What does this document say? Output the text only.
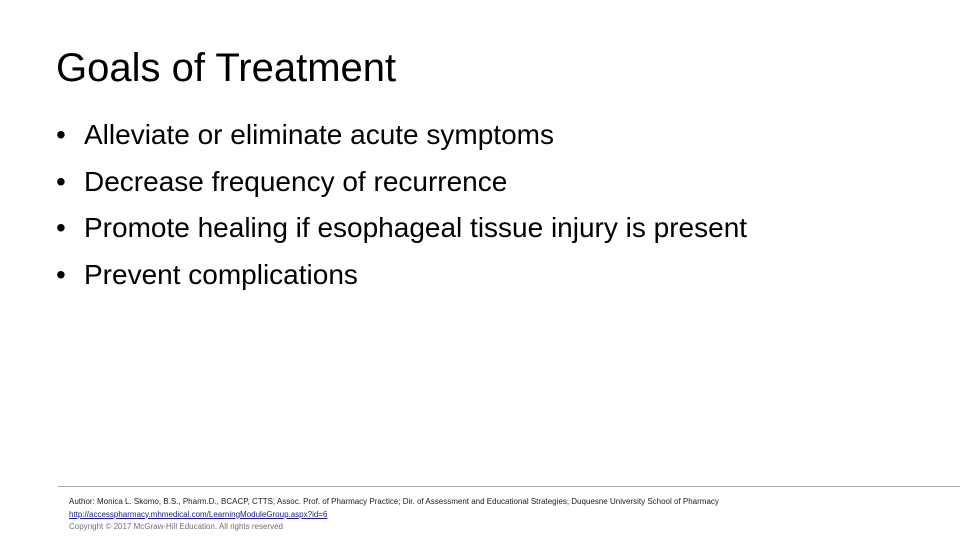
Goals of Treatment
• Alleviate or eliminate acute symptoms
• Decrease frequency of recurrence
• Promote healing if esophageal tissue injury is present
• Prevent complications
Author: Monica L. Skomo, B.S., Pharm.D., BCACP, CTTS; Assoc. Prof. of Pharmacy Practice; Dir. of Assessment and Educational Strategies; Duquesne University School of Pharmacy
http://accesspharmacy.mhmedical.com/LearningModuleGroup.aspx?id=6
Copyright © 2017 McGraw-Hill Education. All rights reserved
